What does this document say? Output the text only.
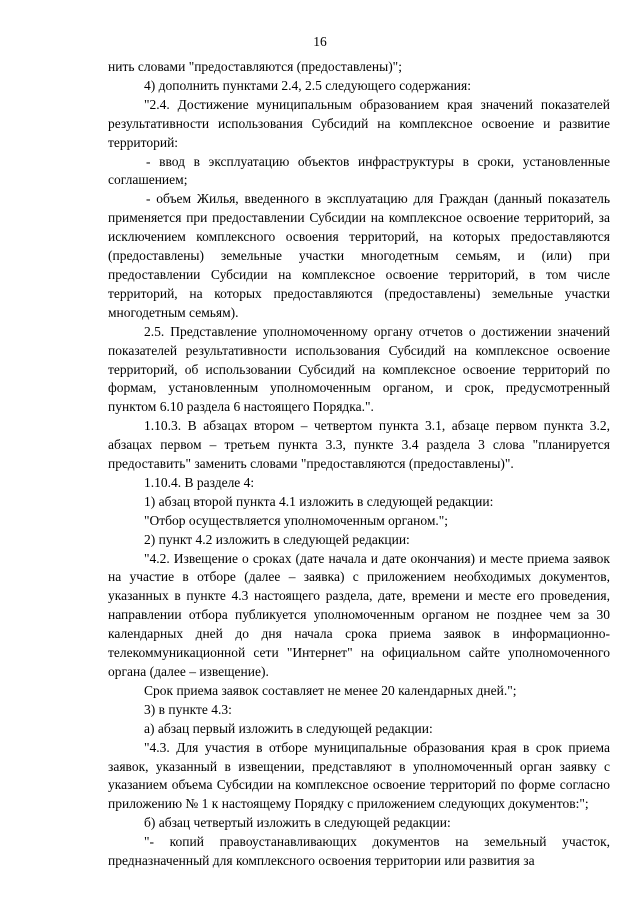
16

нить словами "предоставляются (предоставлены)";

4) дополнить пунктами 2.4, 2.5 следующего содержания:

"2.4. Достижение муниципальным образованием края значений показателей результативности использования Субсидий на комплексное освоение и развитие территорий:

- ввод в эксплуатацию объектов инфраструктуры в сроки, установленные соглашением;

- объем Жилья, введенного в эксплуатацию для Граждан (данный показатель применяется при предоставлении Субсидии на комплексное освоение территорий, за исключением комплексного освоения территорий, на которых предоставляются (предоставлены) земельные участки многодетным семьям, и (или) при предоставлении Субсидии на комплексное освоение территорий, в том числе территорий, на которых предоставляются (предоставлены) земельные участки многодетным семьям).

2.5. Представление уполномоченному органу отчетов о достижении значений показателей результативности использования Субсидий на комплексное освоение территорий, об использовании Субсидий на комплексное освоение территорий по формам, установленным уполномоченным органом, и срок, предусмотренный пунктом 6.10 раздела 6 настоящего Порядка.".

1.10.3. В абзацах втором – четвертом пункта 3.1, абзаце первом пункта 3.2, абзацах первом – третьем пункта 3.3, пункте 3.4 раздела 3 слова "планируется предоставить" заменить словами "предоставляются (предоставлены)".

1.10.4. В разделе 4:

1) абзац второй пункта 4.1 изложить в следующей редакции:

"Отбор осуществляется уполномоченным органом.";

2) пункт 4.2 изложить в следующей редакции:

"4.2. Извещение о сроках (дате начала и дате окончания) и месте приема заявок на участие в отборе (далее – заявка) с приложением необходимых документов, указанных в пункте 4.3 настоящего раздела, дате, времени и месте его проведения, направлении отбора публикуется уполномоченным органом не позднее чем за 30 календарных дней до дня начала срока приема заявок в информационно-телекоммуникационной сети "Интернет" на официальном сайте уполномоченного органа (далее – извещение).

Срок приема заявок составляет не менее 20 календарных дней.";

3) в пункте 4.3:

а) абзац первый изложить в следующей редакции:

"4.3. Для участия в отборе муниципальные образования края в срок приема заявок, указанный в извещении, представляют в уполномоченный орган заявку с указанием объема Субсидии на комплексное освоение территорий по форме согласно приложению № 1 к настоящему Порядку с приложением следующих документов:";

б) абзац четвертый изложить в следующей редакции:

"- копий правоустанавливающих документов на земельный участок, предназначенный для комплексного освоения территории или развития за
